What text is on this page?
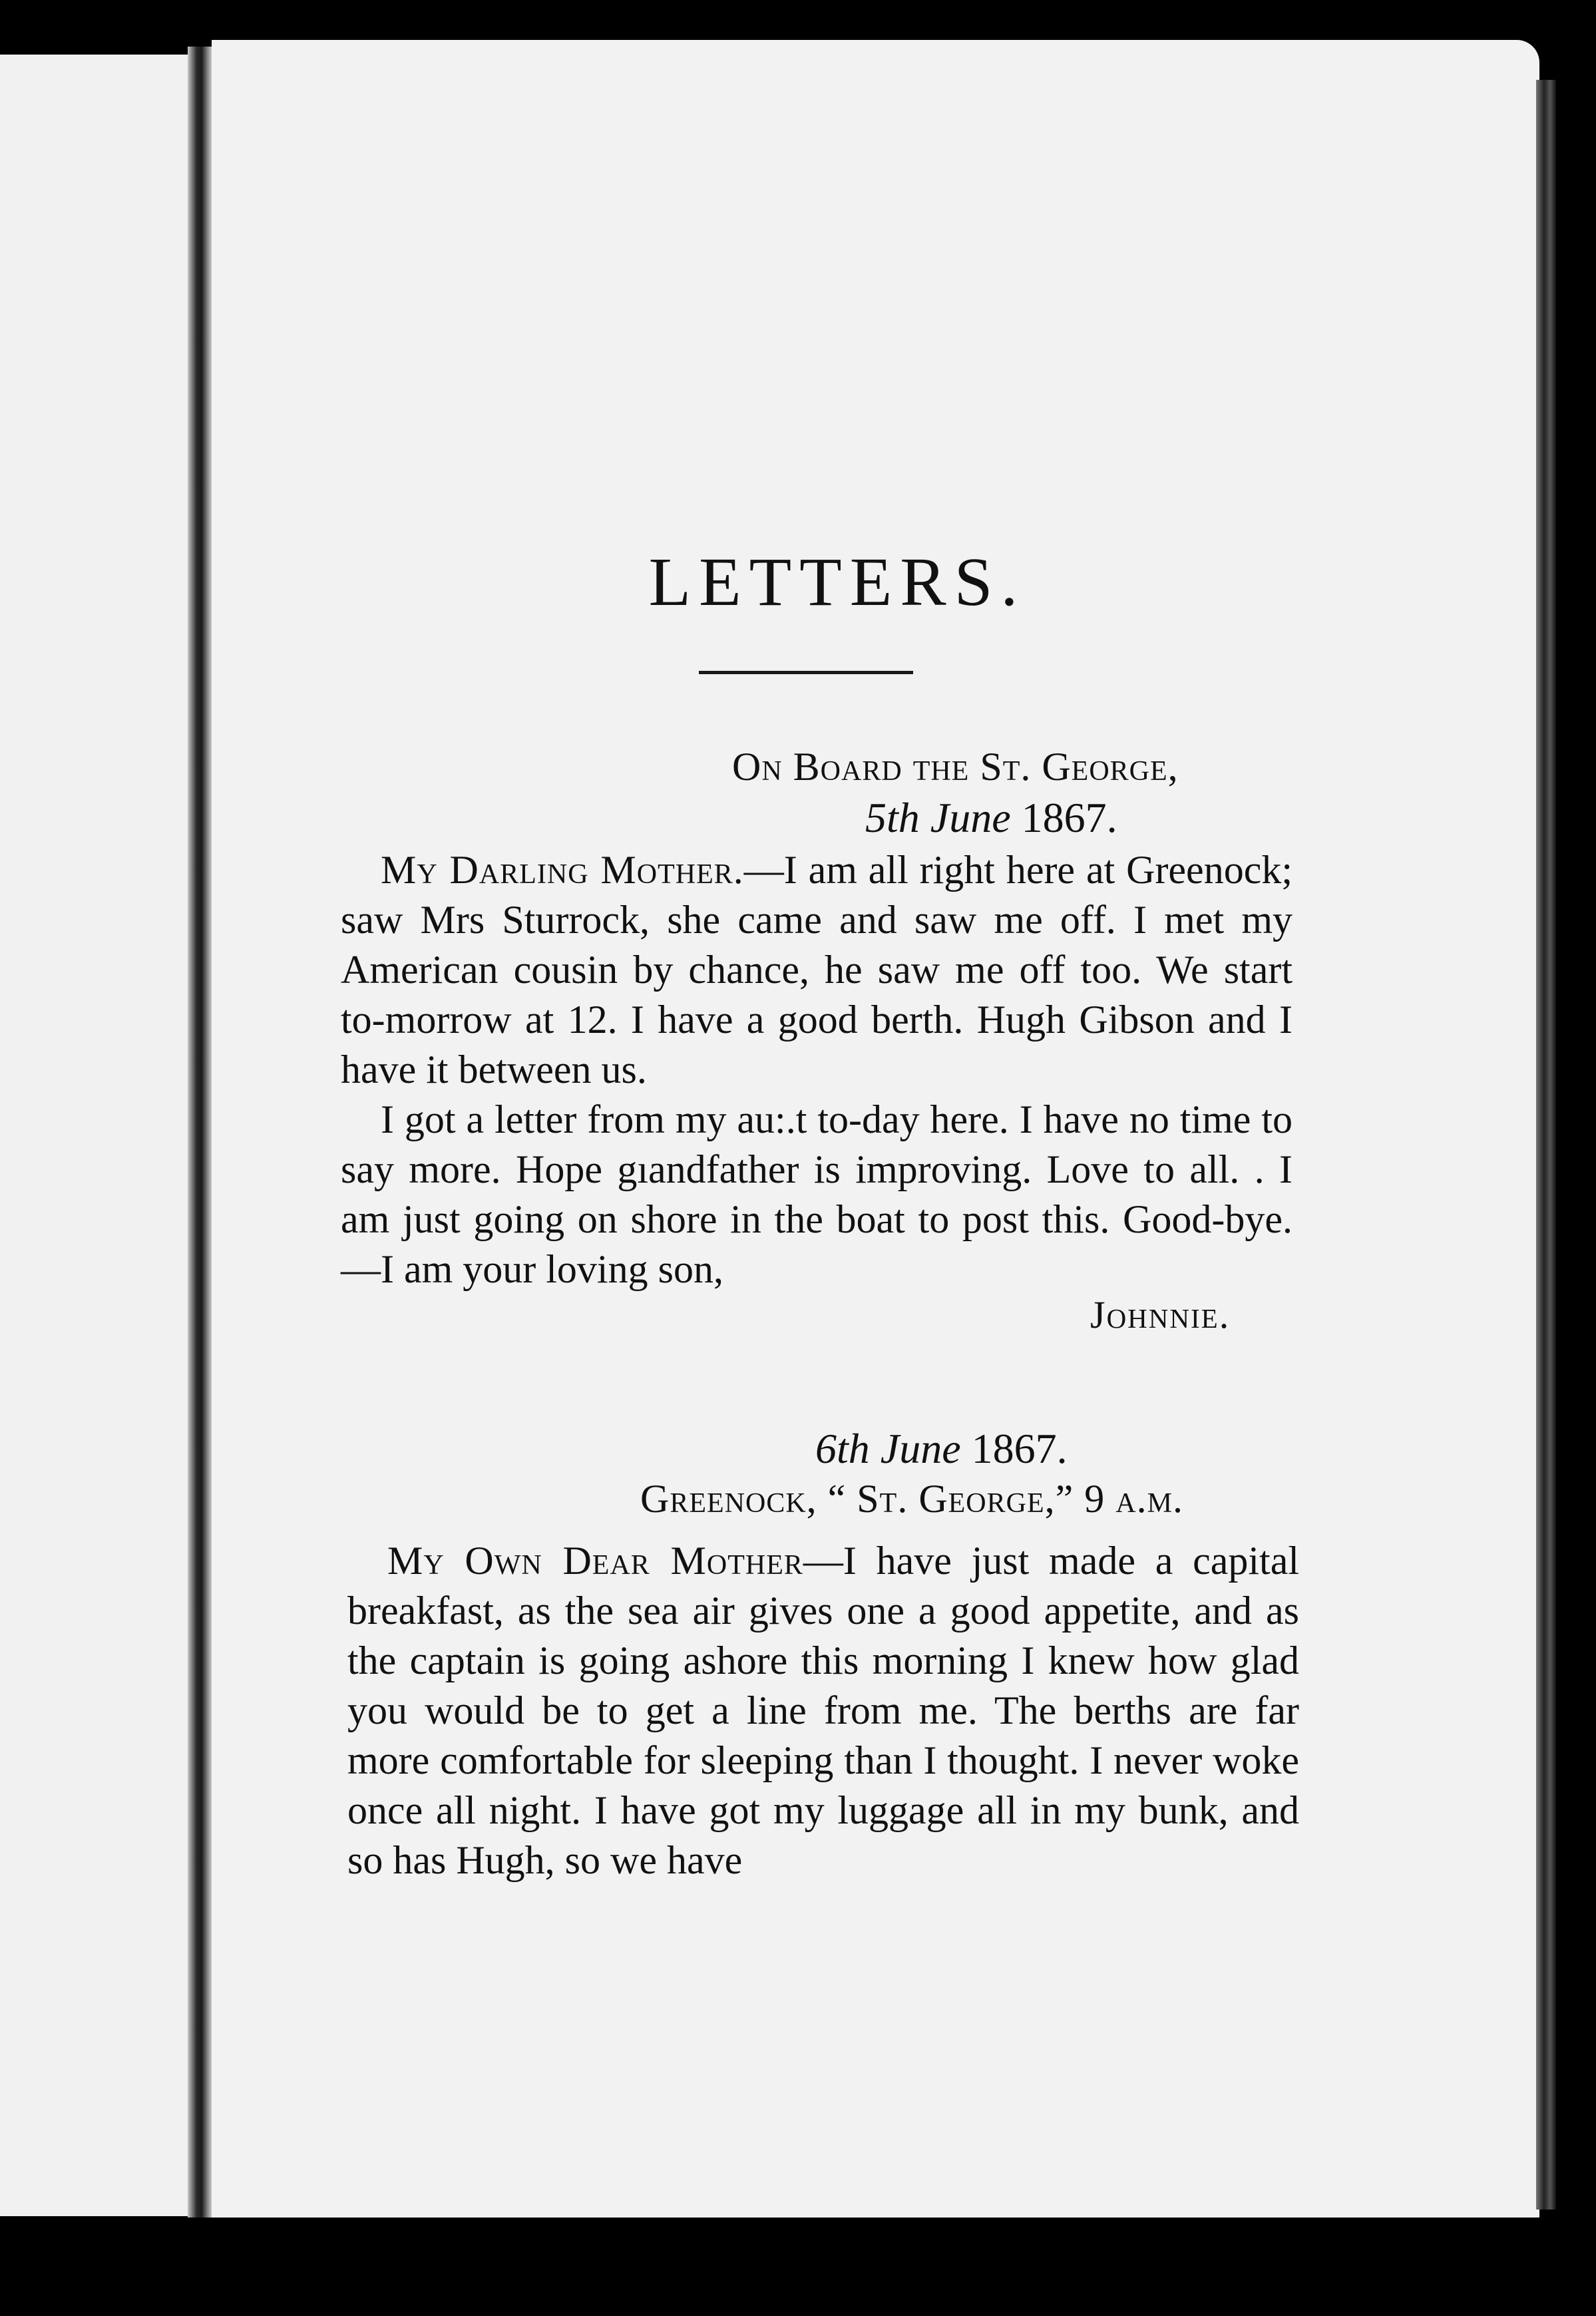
LETTERS.
On Board the St. George,
5th June 1867.
My Darling Mother.—I am all right here at Greenock; saw Mrs Sturrock, she came and saw me off. I met my American cousin by chance, he saw me off too. We start to-morrow at 12. I have a good berth. Hugh Gibson and I have it between us.
I got a letter from my au:.t to-day here. I have no time to say more. Hope gıandfather is improving. Love to all. . I am just going on shore in the boat to post this. Good-bye.—I am your loving son,
Johnnie.
6th June 1867.
Greenock, “ St. George,” 9 a.m.
My Own Dear Mother—I have just made a capital breakfast, as the sea air gives one a good appetite, and as the captain is going ashore this morning I knew how glad you would be to get a line from me. The berths are far more comfortable for sleeping than I thought. I never woke once all night. I have got my luggage all in my bunk, and so has Hugh, so we have
